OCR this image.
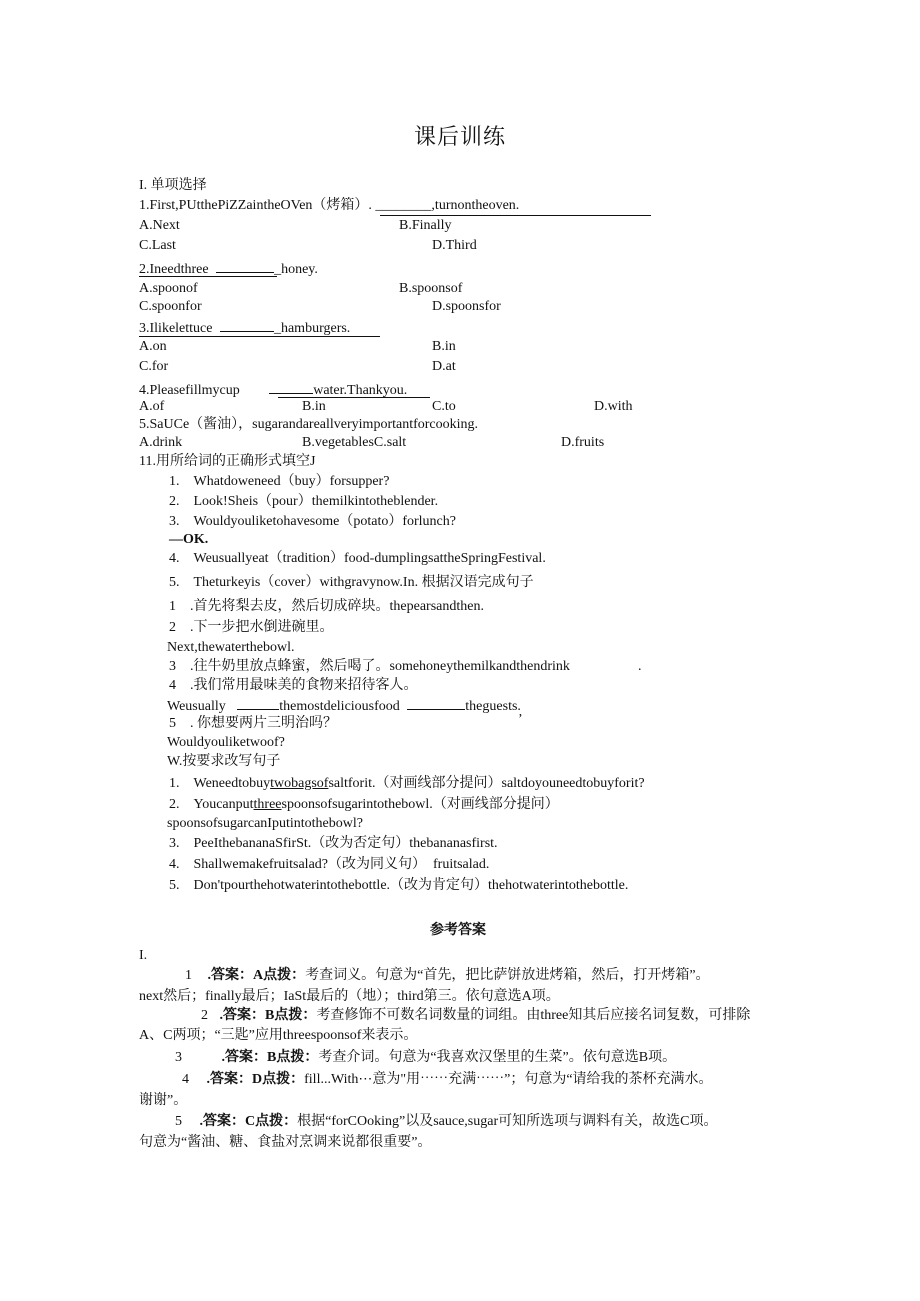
课后训练
I. 单项选择
1.First,PUtthePiZZaintheOVen（烤箱）. ________,turnontheoven.
A.Next	B.Finally
C.Last	D.Third
2.Ineedthree	_honey.
A.spoonof	B.spoonsof
C.spoonfor	D.spoonsfor
3.Ilikelettuce	_hamburgers.
A.on	B.in
C.for	D.at
4.Pleasefillmycup	water.Thankyou.
A.of	B.in	C.to	D.with
5.SaUCe（酱油），sugarandareallveryimportantforcooking.
A.drink	B.vegetablesC.salt	D.fruits
11.用所给词的正确形式填空J
1.　Whatdoweneed（buy）forsupper?
2.　Look!Sheis（pour）themilkintotheblender.
3.　Wouldyouliketohavesome（potato）forlunch?
—OK.
4.　Weusuallyeat（tradition）food-dumplingsattheSpringFestival.
5.　Theturkeyis（cover）withgravynow.In. 根据汉语完成句子
1　.首先将梨去皮，然后切成碎块。thepearsandthen.
2　.下一步把水倒进碗里。
Next,thewaterthebowl.
3　.往牛奶里放点蜂蜜，然后喝了。somehoneythemilkandthendrink	.
4　.我们常用最味美的食物来招待客人。
Weusually	themostdeliciousfood	theguests.
5　. 你想要两片三明治吗？	’
Wouldyouliketwoof?
W.按要求改写句子
1.　Weneedtobuytwobagsofsaltforit.（对画线部分提问）saltdoyouneedtobuyforit?
2.　Youcanputthreespoonsofsugarintothebowl.（对画线部分提问）
spoonsofsugarcanIputintothebowl?
3.　PeeIthebananaSfirSt.（改为否定句）thebananasfirst.
4.　Shallwemakefruitsalad?（改为同义句）　fruitsalad.
5.　Don'tpourthehotwaterintothebottle.（改为肯定句）thehotwaterintothebottle.
参考答案
I.
1 .答案：A点拨：考查词义。句意为“首先，把比萨饼放进烤箱，然后，打开烤箱”。
next然后；finally最后；IaSt最后的（地）；third第三。依句意选A项。
2 .答案：B点拨：考查修饰不可数名词数量的词组。由three知其后应接名词复数，可排除
A、C两项；“三匙”应用threespoonsof来表示。
3	.答案：B点拨：考查介词。句意为“我喜欢汉堡里的生菜”。依句意选B项。
4 .答案：D点拨：fill...With⋯意为"用⋯⋯充满⋯⋯”；句意为“请给我的茶杯充满水。
谢谢”。
5 .答案：C点拨：根据“forCOoking”以及sauce,sugar可知所选项与调料有关，故选C项。
句意为“酱油、糖、食盐对烹调来说都很重要”。
